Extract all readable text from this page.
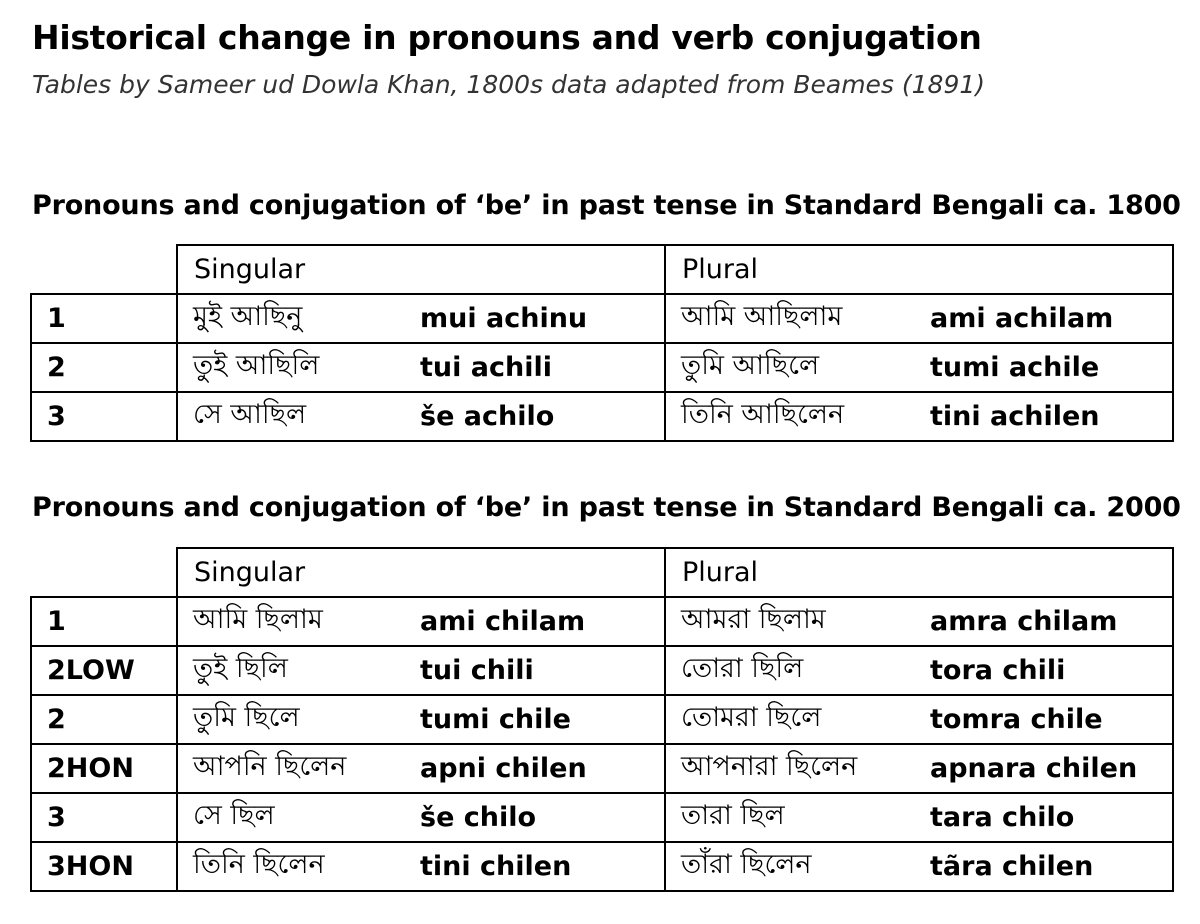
Historical change in pronouns and verb conjugation
Tables by Sameer ud Dowla Khan, 1800s data adapted from Beames (1891)
Pronouns and conjugation of ‘be’ in past tense in Standard Bengali ca. 1800
	Singular		Plural	
1	মুই আছিনু	mui achinu	আমি আছিলাম	ami achilam
2	তুই আছিলি	tui achili	তুমি আছিলে	tumi achile
3	সে আছিল	še achilo	তিনি আছিলেন	tini achilen
Pronouns and conjugation of ‘be’ in past tense in Standard Bengali ca. 2000
	Singular		Plural	
1	আমি ছিলাম	ami chilam	আমরা ছিলাম	amra chilam
2LOW	তুই ছিলি	tui chili	তোরা ছিলি	tora chili
2	তুমি ছিলে	tumi chile	তোমরা ছিলে	tomra chile
2HON	আপনি ছিলেন	apni chilen	আপনারা ছিলেন	apnara chilen
3	সে ছিল	še chilo	তারা ছিল	tara chilo
3HON	তিনি ছিলেন	tini chilen	তাঁরা ছিলেন	tãra chilen
